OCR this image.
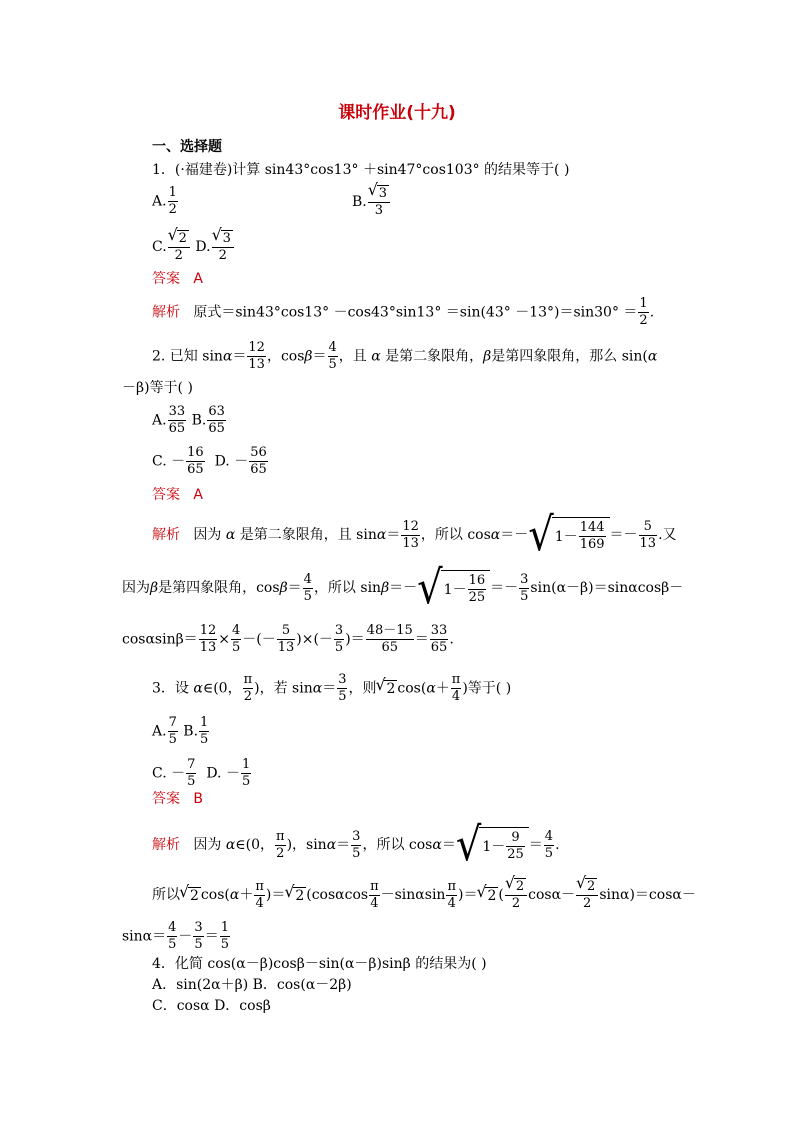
课时作业(十九)
一、选择题
1．(·福建卷)计算 sin43°cos13° ＋sin47°cos103° 的结果等于( )
A. $\frac{1}{2}$	B. √ $\frac{3}{3}$
C. √ $\frac{2}{2} D$. √ $\frac{3}{2}$
答案 A
解析 原式$=\sin 43^\circ\cos 13^\circ -\cos 43^\circ\sin 13^\circ =\sin(43^\circ -13^\circ)=\sin 30^\circ = \frac{1}{2}$ .
2. 已知 $\sin\alpha= \frac{12}{13}$ ，$\cos\beta= \frac{4}{5}$ ，且 α 是第二象限角，β是第四象限角，那么 sin(α
－β)等于( )
A. $\frac{33}{65} B$. $\frac{63}{65}$
C. － $\frac{16}{65} D$. － $\frac{56}{65}$
答案 A
解析 因为 α 是第二象限角，且 $\sin\alpha= \frac{12}{13}$ ，所以 cosα＝－ √ 1－
144
169
＝－ $\frac{5}{13}$ .又
因为β是第四象限角，$\cos\beta= \frac{4}{5}$ ，所以 sinβ＝－ √ 1－
16
25
＝－ $\frac{3}{5} \sin(\alpha-\beta)=\sin\alpha\cos\beta-$
$\cos\alpha\sin\beta= \frac{12}{13} \times \frac{4}{5}$ －(－ $\frac{5}{13}$ )×(－ $\frac{3}{5}$ )＝ $\frac{48-15}{65} = \frac{33}{65}$ .
3．设 α∈(0， $\frac{\pi}{2}$ )，若 $\sin\alpha= \frac{3}{5}$ ，则 √ 2 $\cos(\alpha+ \frac{\pi}{4}$ )等于( )
A. $\frac{7}{5} B$. $\frac{1}{5}$
C. － $\frac{7}{5} D$. － $\frac{1}{5}$
答案 B
解析 因为 α∈(0， $\frac{\pi}{2}$ )，$\sin\alpha= \frac{3}{5}$ ，所以 cosα＝ √ 1－
9
25
＝ $\frac{4}{5}$ .
所以 √ 2 $\cos(\alpha+ \frac{\pi}{4}$ )＝ √ 2 ($\cos\alpha\cos \frac{\pi}{4} -\sin\alpha\sin \frac{\pi}{4}$ )＝ √ 2 ( √ $\frac{2}{2} \cos\alpha-$ √ $\frac{2}{2} \sin\alpha)=\cos\alpha-$
$\sin\alpha= \frac{4}{5} - \frac{3}{5} = \frac{1}{5}$
4．化简 cos(α－β)cosβ－sin(α－β)sinβ 的结果为( )
A．sin(2α＋β) B．cos(α－2β)
C．cosα D．cosβ
